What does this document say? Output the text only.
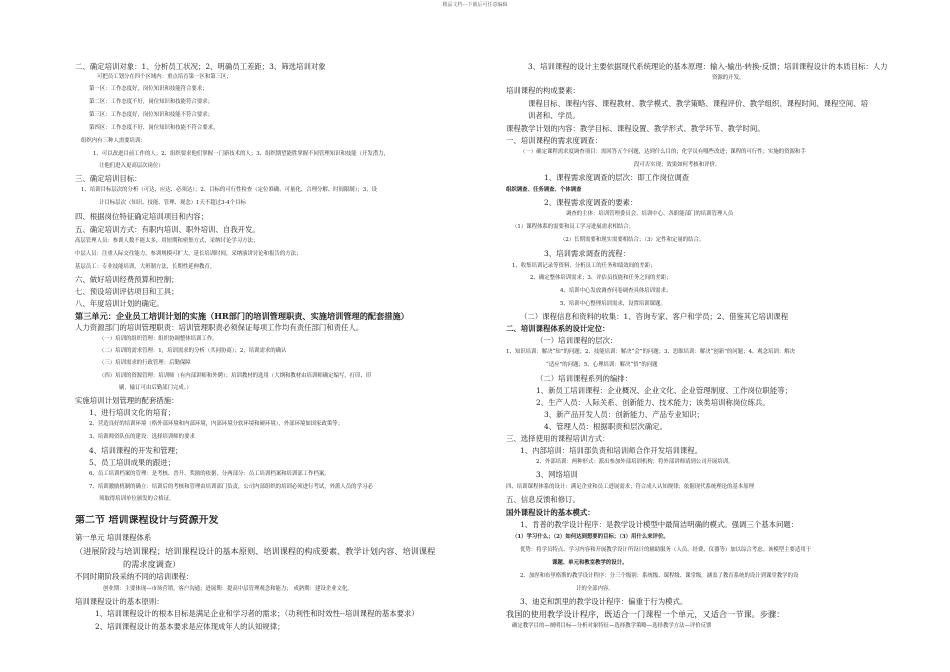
精品文档---下载后可任意编辑
二、确定培训对象：1、分析员工状况；2、明确员工差距；3、筛选培训对象
可把员工划分在四个区域内：重点培育第一区和第三区；
第一区：工作态度好，岗位知识和技能符合要求；
第二区：工作态度不好，岗位知识和技能符合要求；
第三区：工作态度好，岗位知识和技能不符合要求；
第四区：工作态度不好，岗位知识和技能不符合要求。
组织内有三种人需要培训：
1、可以改进目前工作的人；2、组织要求他们掌握一门新技术的人；3、组织期望能胜掌握不同管理知识和技能（开发潜力，
让他们进入更高层次岗位）
三、确定培训目标：
1、培训目标层次的分析（可达、应达、必须达）；2、目标的可行性检查（定位准确、可量化、合理分解、时间限制）；3、设
计目标层次（知识、技能、管理、观念）1天不超过3-4个目标
四、根据岗位特征确定培训项目和内容；
五、确定培训方式：有职内培训、职外培训、自我开发。
高层管理人员：参训人数不能太多，用短期和密集方式，采纳讨论学习方法；
中层人员：注重人际交往能力，参训规模可扩大，延长培训时间，采纳演讲讨论和报告的方法；
基层员工：专业技能培训，大班制方法，长期性延伸教育。
六、做好培训经费预算和控制；
七、预设培训评估项目和工具；
八、年度培训计划的确定。
第三单元：企业员工培训计划的实施（HR部门的培训管理职责、实施培训管理的配套措施）
人力资源部门的培训管理职责：培训管理职责必须保证每项工作均有责任部门和责任人。
（一）培训的组织管理：组织协调整体培训工作。
（二）培训的需求管理：1，培训需求的分析（共同协商）；2，培训需求的确认
（三）培训需求的行政管理：后勤保障
（四）培训的资源管理：培训师（有内部讲师和外聘）；培训教材的选用（大纲和教材由培训师确定编写，打印、印
刷，输订可由后勤部门完成。）
实施培训计划管理的配套措施：
1、进行培训文化的培育；
2、营造良好的培训环境（格外部环境和内部环境，内部环境分软环境和硬环境），外部环境如国家政策等；
3、培训师资队伍的建设：选择培训师的要求
4、培训课程的开发和管理；
5、员工培训成果的跟进；
6、员工培训档案的管理：是考核、晋升、奖励的依据，分两部分：员工培训档案和培训部工作档案。
7、培训激励机制的确立：培训后的考核和管理由培训部门负责，公司内部组织的培训必须进行考试，外派人员的学习必
须取得培训单位颁发的合格证。
第二节 培训课程设计与资源开发
第一单元 培训课程体系
（进展阶段与培训课程；培训课程设计的基本原则、培训课程的构成要素、教学计划内容、培训课程
的需求度调查）
不同时期阶段采纳不同的培训课程：
创业期：主要体现—市场营销，客户沟通；进展期：提高中层管理观念和能力； 成熟期：建设企业文化。
培训课程设计的基本原则：
1、培训课程设计的根本目标是满足企业和学习者的需求；（功利性和时效性--培训课程的基本要求）
2、培训课程设计的基本要求是应体现成年人的认知规律；
3、培训课程的设计主要依据现代系统理论的基本原理：输入-输出-转换-反馈；培训课程设计的本质目标：人力
资源的开发。
培训课程的构成要素：
课程目标、课程内容、课程教材、教学模式、教学策略、课程评价、教学组织、课程时间、课程空间、培
训者和、学员。
课程教学计划的内容：教学目标、课程设置、教学形式、教学环节、教学时间。
一、培训课程的需求度调查：
（一）确定课程需求度调查项目：需回答五个问题，达到什么目的；化学员有哪些改进；课程的可行性；实施的资源和手
段可否实现；效果如何考核和评价。
1、课程需求度调查的层次：即工作岗位调查
组织调查、任务调查、个体调查
2、课程需求度调查的要素：
调查的主体：培训管理委员会、培训中心、各职能部门的培训管理人员
（1）课程体系的需要和员工学习进展需求相结合；
（2）长期需要和现实需要相结合；（3）定性和定量的结合。
3、培训需求调查的流程：
1、收集培训记录等资料，分析员工的任务和绩效间的差距；
2、确定整体培训需求；3、评估员技能和任务之间的差距；
4、培训中心发放调查问卷调查具体培训需求；
5、培训中心整理培训需求，设置培训课题。
（二）课程信息和资料的收集：1、咨询专家、客户和学员；2、借鉴其它培训课程
二、培训课程体系的设计定位：
（一）培训课程的层次：
1、知识培训：解决“知”的问题；2、技能培训：解决“会”的问题；3、思维培训：解决“创新”的问题；4、观念培训：解决
“适应”的问题；5、心理培训：解决“悟”的问题
（二）培训课程系列的编排：
1、新员工培训课程：企业概况、企业文化、企业管理制度、工作岗位职能等；
2、生产人员：人际关系、创新能力、技术能力；该类培训称岗位练兵。
3、新产品开发人员：创新能力、产品专业知识；
4、管理人员：根据职责和层次确定。
三、选择使用的课程培训方式：
1、内部培训：培训部负责和培训师合作开发培训课程。
2、外部培训：两种形式：派出参加外部培训机构；将外部讲师请到公司开展培训。
3、网络培训
四、培训课程体系的设计：满足企业和员工进展需求；符合成人认知规律；依据现代系统理论的基本原理
五、信息反馈和修订。
国外课程设计的基本模式：
1、肯普的教学设计程序：是教学设计模型中最简洁明确的模式。强调三个基本问题：
（1）学习什么；（2）如何达到想要的目标；（3）用什么来评价。
优势：将学员特点、学习内容和开展教学设计所设计的辅助服务（人员、经费、仪器等）加以综合考虑。该模型主要适用于
课题、单元和教室教学的设计。
2、加涅和布里格斯的教学设计程序：分三个级别：系统级、课程级、课堂级。涵盖了教育系统的设计到课堂教学的设
计的全部内容。
3、迪克和凯里的教学设计程序：偏重于行为模式。
我国的使用教学设计程序，既适合一门课程一个单元，又适合一节课。步骤：
确定教学目的—阐明目标—分析对象特征—选择教学策略—选择教学方法—评价反馈
